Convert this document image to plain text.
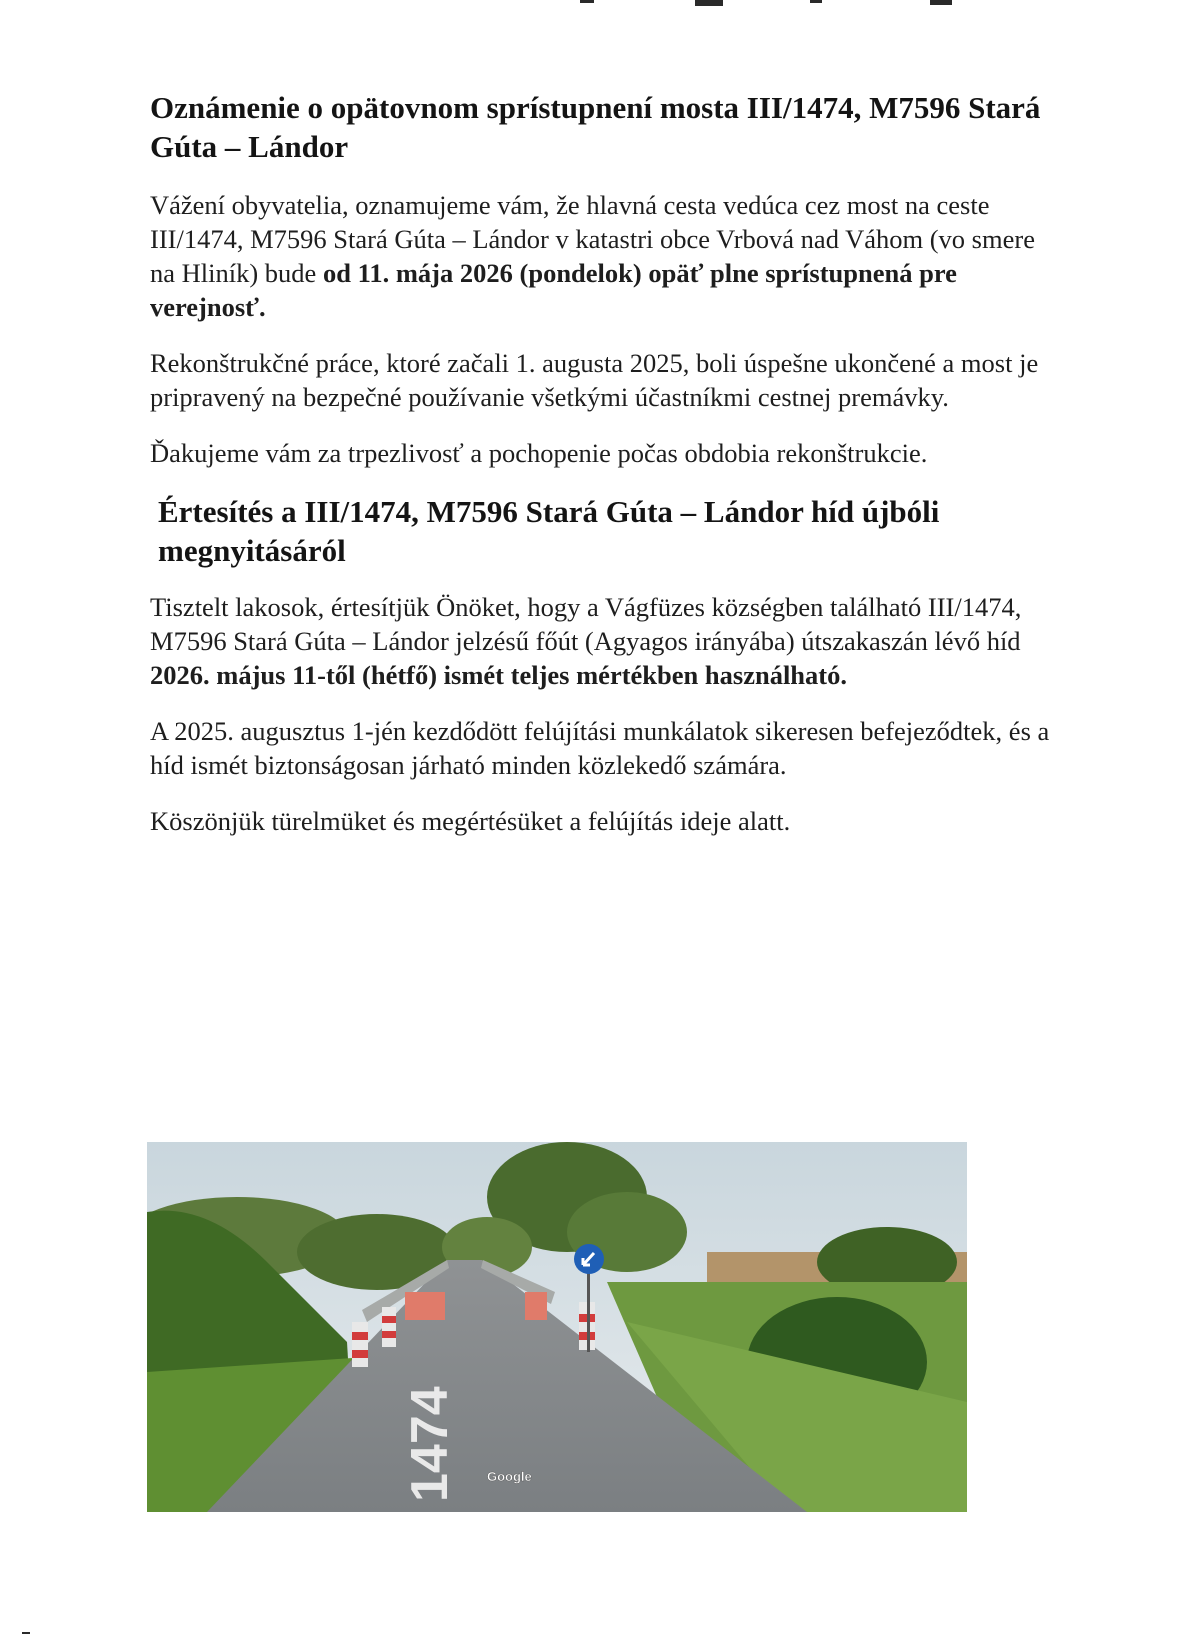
Oznámenie o opätovnom sprístupnení mosta III/1474, M7596 Stará Gúta – Lándor

Vážení obyvatelia, oznamujeme vám, že hlavná cesta vedúca cez most na ceste III/1474, M7596 Stará Gúta – Lándor v katastri obce Vrbová nad Váhom (vo smere na Hliník) bude od 11. mája 2026 (pondelok) opäť plne sprístupnená pre verejnosť.

Rekonštrukčné práce, ktoré začali 1. augusta 2025, boli úspešne ukončené a most je pripravený na bezpečné používanie všetkými účastníkmi cestnej premávky.

Ďakujeme vám za trpezlivosť a pochopenie počas obdobia rekonštrukcie.

Értesítés a III/1474, M7596 Stará Gúta – Lándor híd újbóli megnyitásáról

Tisztelt lakosok, értesítjük Önöket, hogy a Vágfüzes községben található III/1474, M7596 Stará Gúta – Lándor jelzésű főút (Agyagos irányába) útszakaszán lévő híd 2026. május 11-től (hétfő) ismét teljes mértékben használható.

A 2025. augusztus 1-jén kezdődött felújítási munkálatok sikeresen befejeződtek, és a híd ismét biztonságosan járható minden közlekedő számára.

Köszönjük türelmüket és megértésüket a felújítás ideje alatt.

1474 Google
